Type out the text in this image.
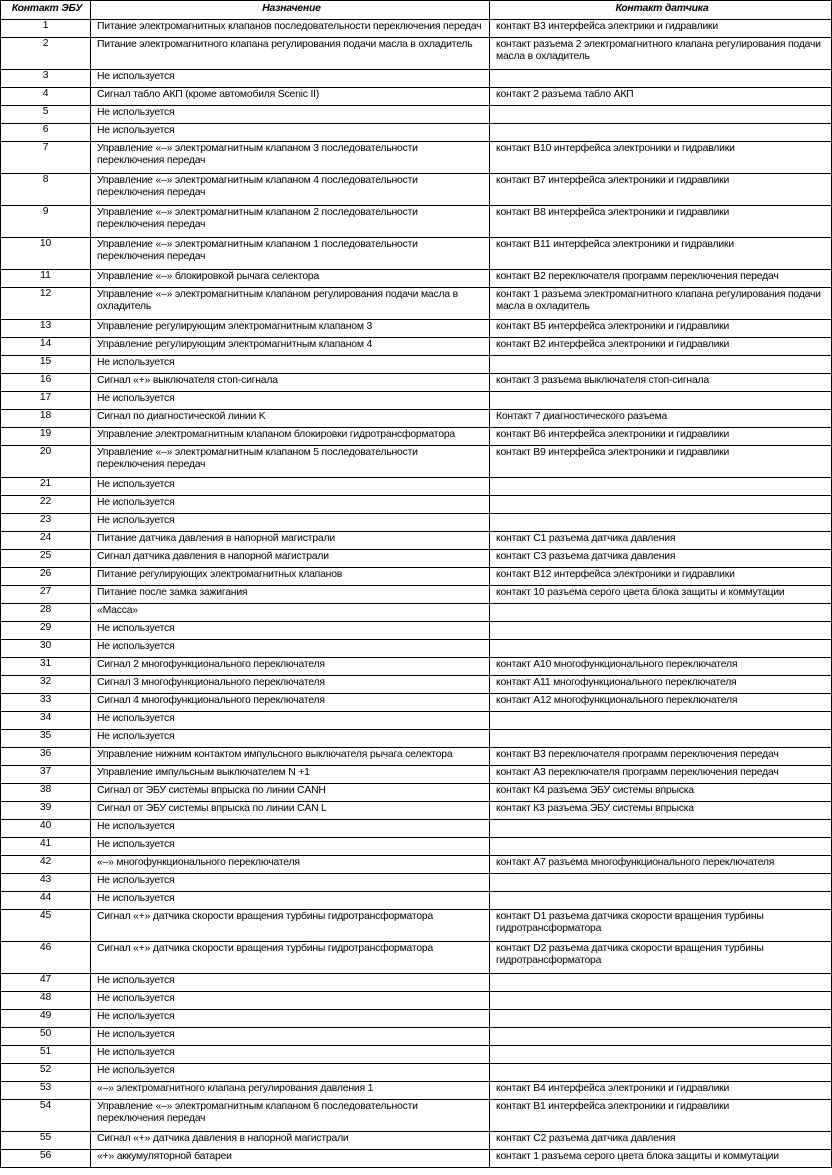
Контакт ЭБУ	Назначение	Контакт датчика
1	Питание электромагнитных клапанов последовательности переключения передач	контакт В3 интерфейса электрики и гидравлики
2	Питание электромагнитного клапана регулирования подачи масла в охладитель	контакт разъема 2 электромагнитного клапана регулирования подачи масла в охладитель
3	Не используется	
4	Сигнал табло АКП (кроме автомобиля Scenic II)	контакт 2 разъема табло АКП
5	Не используется	
6	Не используется	
7	Управление «–» электромагнитным клапаном 3 последовательности переключения передач	контакт В10 интерфейса электроники и гидравлики
8	Управление «–» электромагнитным клапаном 4 последовательности переключения передач	контакт В7 интерфейса электроники и гидравлики
9	Управление «–» электромагнитным клапаном 2 последовательности переключения передач	контакт В8 интерфейса электроники и гидравлики
10	Управление «–» электромагнитным клапаном 1 последовательности переключения передач	контакт В11 интерфейса электроники и гидравлики
11	Управление «–» блокировкой рычага селектора	контакт В2 переключателя программ переключения передач
12	Управление «–» электромагнитным клапаном регулирования подачи масла в охладитель	контакт 1 разъема электромагнитного клапана регулирования подачи масла в охладитель
13	Управление регулирующим электромагнитным клапаном 3	контакт В5 интерфейса электроники и гидравлики
14	Управление регулирующим электромагнитным клапаном 4	контакт В2 интерфейса электроники и гидравлики
15	Не используется	
16	Сигнал «+» выключателя стоп-сигнала	контакт 3 разъема выключателя стоп-сигнала
17	Не используется	
18	Сигнал по диагностической линии K	Контакт 7 диагностического разъема
19	Управление электромагнитным клапаном блокировки гидротрансформатора	контакт В6 интерфейса электроники и гидравлики
20	Управление «–» электромагнитным клапаном 5 последовательности переключения передач	контакт В9 интерфейса электроники и гидравлики
21	Не используется	
22	Не используется	
23	Не используется	
24	Питание датчика давления в напорной магистрали	контакт С1 разъема датчика давления
25	Сигнал датчика давления в напорной магистрали	контакт С3 разъема датчика давления
26	Питание регулирующих электромагнитных клапанов	контакт В12 интерфейса электроники и гидравлики
27	Питание после замка зажигания	контакт 10 разъема серого цвета блока защиты и коммутации
28	«Масса»	
29	Не используется	
30	Не используется	
31	Сигнал 2 многофункционального переключателя	контакт А10 многофункционального переключателя
32	Сигнал 3 многофункционального переключателя	контакт А11 многофункционального переключателя
33	Сигнал 4 многофункционального переключателя	контакт А12 многофункционального переключателя
34	Не используется	
35	Не используется	
36	Управление нижним контактом импульсного выключателя рычага селектора	контакт В3 переключателя программ переключения передач
37	Управление импульсным выключателем N +1	контакт А3 переключателя программ переключения передач
38	Сигнал от ЭБУ системы впрыска по линии CANH	контакт К4 разъема ЭБУ системы впрыска
39	Сигнал от ЭБУ системы впрыска по линии CAN L	контакт К3 разъема ЭБУ системы впрыска
40	Не используется	
41	Не используется	
42	«–» многофункционального переключателя	контакт А7 разъема многофункционального переключателя
43	Не используется	
44	Не используется	
45	Сигнал «+» датчика скорости вращения турбины гидротрансформатора	контакт D1 разъема датчика скорости вращения турбины гидротрансформатора
46	Сигнал «+» датчика скорости вращения турбины гидротрансформатора	контакт D2 разъема датчика скорости вращения турбины гидротрансформатора
47	Не используется	
48	Не используется	
49	Не используется	
50	Не используется	
51	Не используется	
52	Не используется	
53	«–» электромагнитного клапана регулирования давления 1	контакт В4 интерфейса электроники и гидравлики
54	Управление «–» электромагнитным клапаном 6 последовательности переключения передач	контакт В1 интерфейса электроники и гидравлики
55	Сигнал «+» датчика давления в напорной магистрали	контакт С2 разъема датчика давления
56	«+» аккумуляторной батареи	контакт 1 разъема серого цвета блока защиты и коммутации
